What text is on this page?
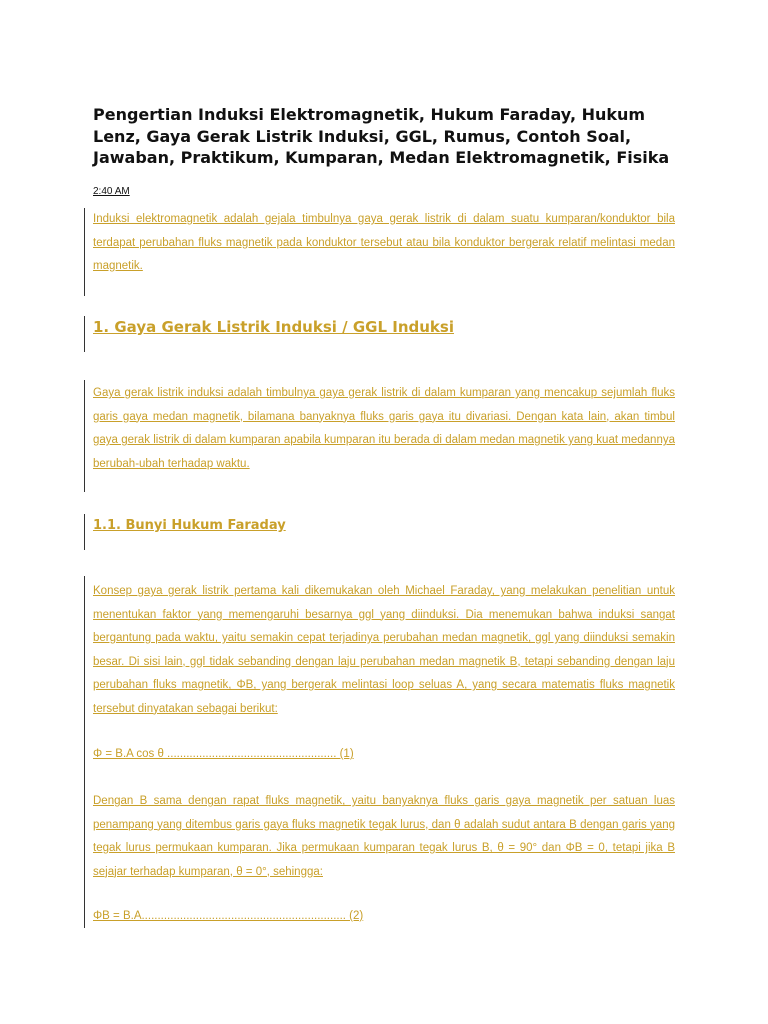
Pengertian Induksi Elektromagnetik, Hukum Faraday, Hukum Lenz, Gaya Gerak Listrik Induksi, GGL, Rumus, Contoh Soal, Jawaban, Praktikum, Kumparan, Medan Elektromagnetik, Fisika
2:40 AM
Induksi elektromagnetik adalah gejala timbulnya gaya gerak listrik di dalam suatu kumparan/konduktor bila terdapat perubahan fluks magnetik pada konduktor tersebut atau bila konduktor bergerak relatif melintasi medan magnetik.
1. Gaya Gerak Listrik Induksi / GGL Induksi
Gaya gerak listrik induksi adalah timbulnya gaya gerak listrik di dalam kumparan yang mencakup sejumlah fluks garis gaya medan magnetik, bilamana banyaknya fluks garis gaya itu divariasi. Dengan kata lain, akan timbul gaya gerak listrik di dalam kumparan apabila kumparan itu berada di dalam medan magnetik yang kuat medannya berubah-ubah terhadap waktu.
1.1. Bunyi Hukum Faraday
Konsep gaya gerak listrik pertama kali dikemukakan oleh Michael Faraday, yang melakukan penelitian untuk menentukan faktor yang memengaruhi besarnya ggl yang diinduksi. Dia menemukan bahwa induksi sangat bergantung pada waktu, yaitu semakin cepat terjadinya perubahan medan magnetik, ggl yang diinduksi semakin besar. Di sisi lain, ggl tidak sebanding dengan laju perubahan medan magnetik B, tetapi sebanding dengan laju perubahan fluks magnetik, ΦB, yang bergerak melintasi loop seluas A, yang secara matematis fluks magnetik tersebut dinyatakan sebagai berikut:
Φ = B.A cos θ ..................................................... (1)
Dengan B sama dengan rapat fluks magnetik, yaitu banyaknya fluks garis gaya magnetik per satuan luas penampang yang ditembus garis gaya fluks magnetik tegak lurus, dan θ adalah sudut antara B dengan garis yang tegak lurus permukaan kumparan. Jika permukaan kumparan tegak lurus B, θ = 90° dan ΦB = 0, tetapi jika B sejajar terhadap kumparan, θ = 0°, sehingga:
ΦB = B.A................................................................ (2)
